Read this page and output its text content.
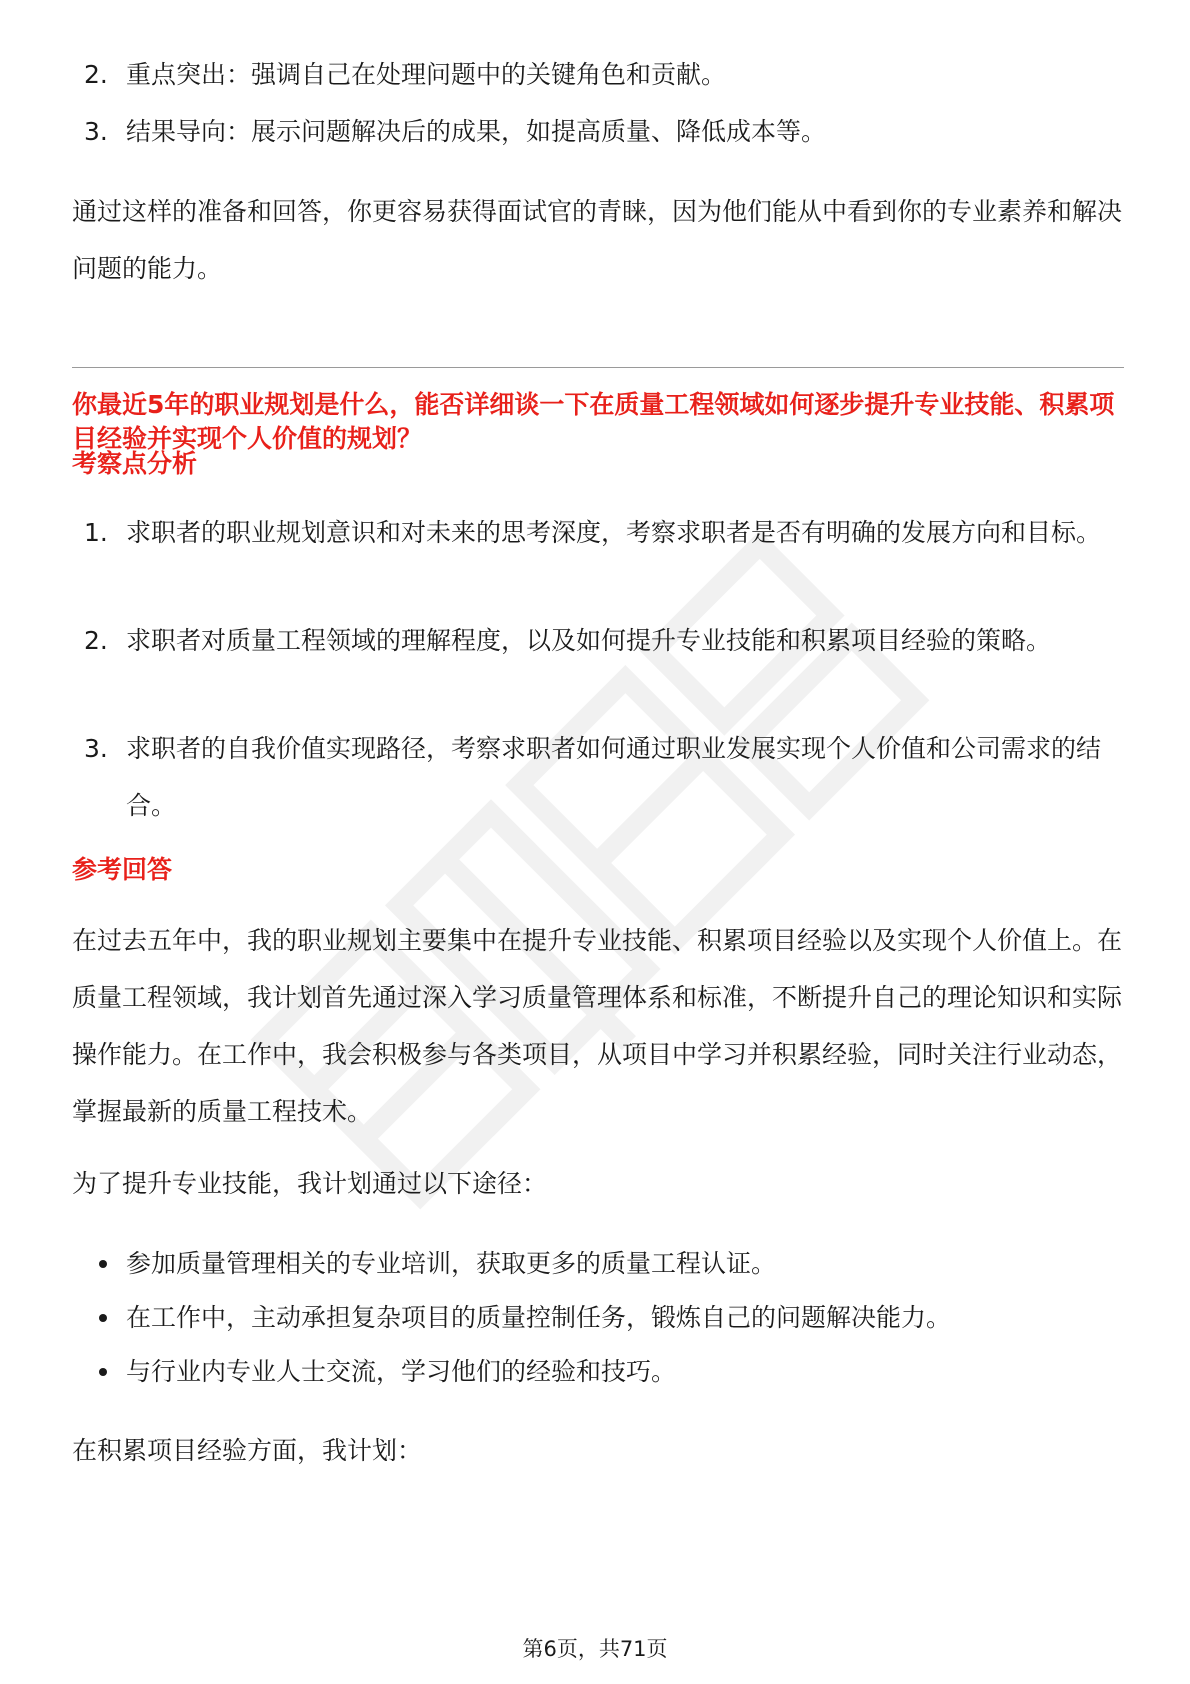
2. 重点突出：强调自己在处理问题中的关键角色和贡献。
3. 结果导向：展示问题解决后的成果，如提高质量、降低成本等。
通过这样的准备和回答，你更容易获得面试官的青睐，因为他们能从中看到你的专业素养和解决问题的能力。
你最近5年的职业规划是什么，能否详细谈一下在质量工程领域如何逐步提升专业技能、积累项目经验并实现个人价值的规划？
考察点分析
1. 求职者的职业规划意识和对未来的思考深度，考察求职者是否有明确的发展方向和目标。
2. 求职者对质量工程领域的理解程度，以及如何提升专业技能和积累项目经验的策略。
3. 求职者的自我价值实现路径，考察求职者如何通过职业发展实现个人价值和公司需求的结合。
参考回答
在过去五年中，我的职业规划主要集中在提升专业技能、积累项目经验以及实现个人价值上。在质量工程领域，我计划首先通过深入学习质量管理体系和标准，不断提升自己的理论知识和实际操作能力。在工作中，我会积极参与各类项目，从项目中学习并积累经验，同时关注行业动态，掌握最新的质量工程技术。
为了提升专业技能，我计划通过以下途径：
参加质量管理相关的专业培训，获取更多的质量工程认证。
在工作中，主动承担复杂项目的质量控制任务，锻炼自己的问题解决能力。
与行业内专业人士交流，学习他们的经验和技巧。
在积累项目经验方面，我计划：
第6页，共71页
